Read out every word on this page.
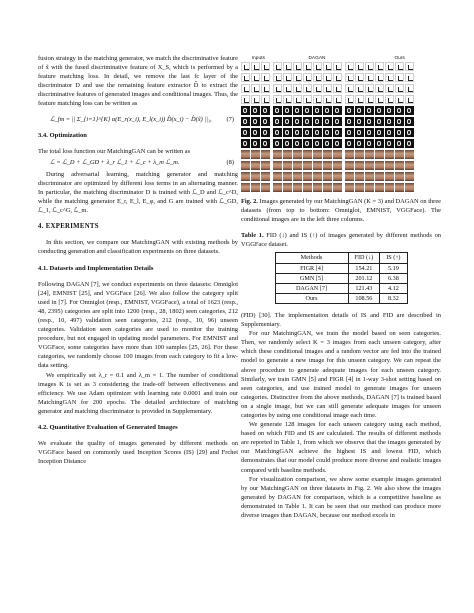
fusion strategy in the matching generator, we match the discriminative feature of x̃ with the fused discriminative feature of X_S, which is performed by a feature matching loss. In detail, we remove the last fc layer of the discriminator D and use the remaining feature extractor D̂ to extract the discriminative features of generated images and conditional images. Thus, the feature matching loss can be written as

ℒ_fm = || Σ_{i=1}^{K} α(E_r(x_i), E_l(x_i)) D̂(x_i) − D̂(x̃) ||₁, (7)

3.4. Optimization

The total loss function our MatchingGAN can be written as

ℒ = ℒ_D + ℒ_GD + λ_r ℒ_1 + ℒ_c + λ_m ℒ_m.	(8)

During adversarial learning, matching generator and matching discriminator are optimized by different loss terms in an alternating manner. In particular, the matching discriminator D is trained with ℒ_D and ℒ_c^D, while the matching generator E_r, E_l, E_φ, and G are trained with ℒ_GD, ℒ_1, ℒ_c^G, ℒ_m.

4. EXPERIMENTS

In this section, we compare our MatchingGAN with existing methods by conducting generation and classification experiments on three datasets.

4.1. Datasets and Implementation Details

Following DAGAN [7], we conduct experiments on three datasets: Omniglot [24], EMNIST [25], and VGGFace [26]. We also follow the category split used in [7]. For Omniglot (resp., EMNIST, VGGFace), a total of 1623 (resp., 48, 2395) categories are split into 1200 (resp., 28, 1802) seen categories, 212 (resp., 10, 497) validation seen categories, 212 (resp., 10, 96) unseen categories. Validation seen categories are used to monitor the training procedure, but not engaged in updating model parameters. For EMNIST and VGGFace, some categories have more than 100 samples [25, 26]. For these categories, we randomly choose 100 images from each category to fit a low-data setting.

We empirically set λ_r = 0.1 and λ_m = 1. The number of conditional images K is set as 3 considering the trade-off between effectiveness and efficiency. We use Adam optimizer with learning rate 0.0001 and train our MatchingGAN for 200 epochs. The detailed architecture of matching generator and matching discriminator is provided in Supplementary.

4.2. Quantitative Evaluation of Generated Images

We evaluate the quality of images generated by different methods on VGGFace based on commonly used Inception Scores (IS) [29] and Frchet Inception Distance

Inputs	DAGAN	Ours

Fig. 2. Images generated by our MatchingGAN (K = 3) and DAGAN on three datasets (from top to bottom: Omniglot, EMNIST, VGGFace). The conditional images are in the left three columns.

Table 1. FID (↓) and IS (↑) of images generated by different methods on VGGFace dataset.

Methods	FID (↓)	IS (↑)
FIGR [4]	154.21	5.19
GMN [5]	201.12	6.38
DAGAN [7]	121.43	4.12
Ours	108.56	8.32

(FID) [30]. The implementation details of IS and FID are described in Supplementary.

For our MatchingGAN, we train the model based on seen categories. Then, we randomly select K = 3 images from each unseen category, after which these conditional images and a random vector are fed into the trained model to generate a new image for this unseen category. We can repeat the above procedure to generate adequate images for each unseen category. Similarly, we train GMN [5] and FIGR [4] in 1-way 3-shot setting based on seen categories, and use trained model to generate images for unseen categories. Distinctive from the above methods, DAGAN [7] is trained based on a single image, but we can still generate adequate images for unseen categories by using one conditional image each time.

We generate 128 images for each unseen category using each method, based on which FID and IS are calculated. The results of different methods are reported in Table 1, from which we observe that the images generated by our MatchingGAN achieve the highest IS and lowest FID, which demonstrates that our model could produce more diverse and realistic images compared with baseline methods.

For visualization comparison, we show some example images generated by our MatchingGAN on three datasets in Fig. 2. We also show the images generated by DAGAN for comparison, which is a competitive baseline as demonstrated in Table 1. It can be seen that our method can produce more diverse images than DAGAN, because our method excels in
